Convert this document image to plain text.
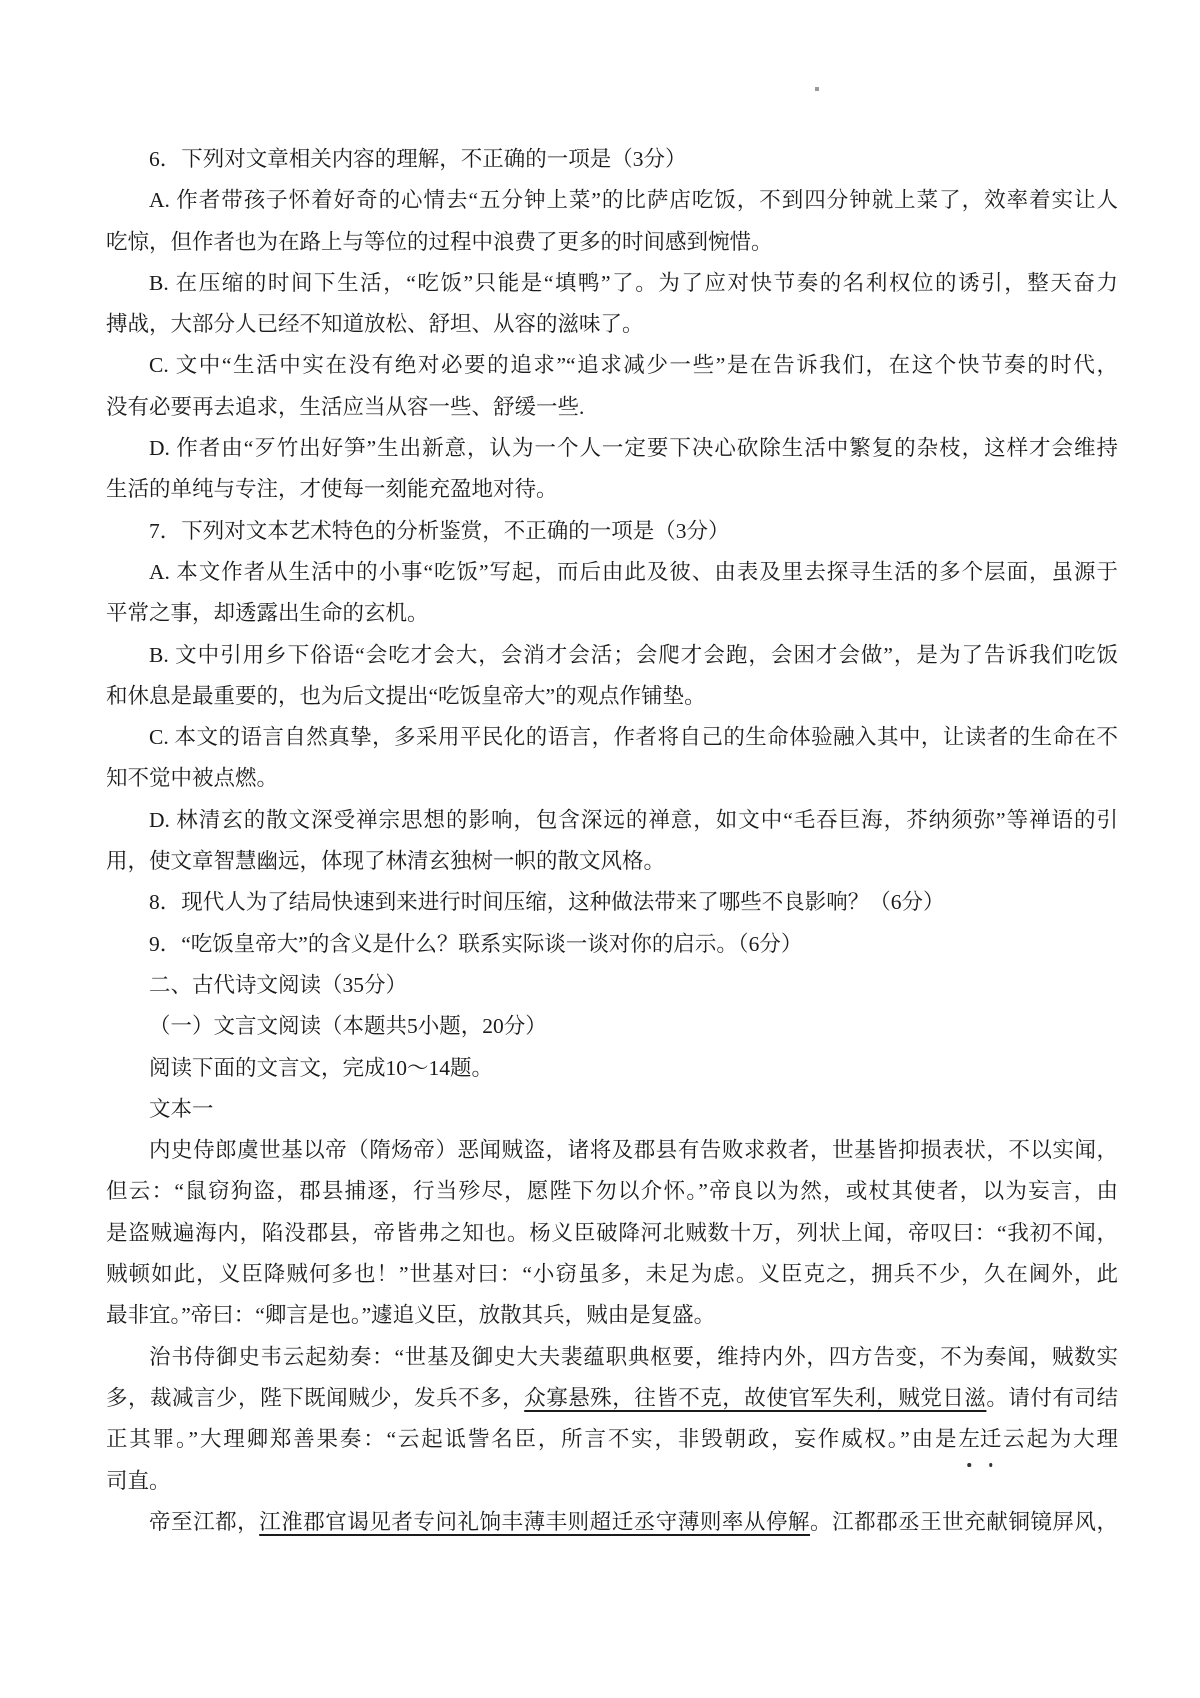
6．下列对文章相关内容的理解，不正确的一项是（3分）
A. 作者带孩子怀着好奇的心情去“五分钟上菜”的比萨店吃饭，不到四分钟就上菜了，效率着实让人
吃惊，但作者也为在路上与等位的过程中浪费了更多的时间感到惋惜。
B. 在压缩的时间下生活，“吃饭”只能是“填鸭”了。为了应对快节奏的名利权位的诱引，整天奋力
搏战，大部分人已经不知道放松、舒坦、从容的滋味了。
C. 文中“生活中实在没有绝对必要的追求”“追求减少一些”是在告诉我们，在这个快节奏的时代，
没有必要再去追求，生活应当从容一些、舒缓一些.
D. 作者由“歹竹出好笋”生出新意，认为一个人一定要下决心砍除生活中繁复的杂枝，这样才会维持
生活的单纯与专注，才使每一刻能充盈地对待。
7．下列对文本艺术特色的分析鉴赏，不正确的一项是（3分）
A. 本文作者从生活中的小事“吃饭”写起，而后由此及彼、由表及里去探寻生活的多个层面，虽源于
平常之事，却透露出生命的玄机。
B. 文中引用乡下俗语“会吃才会大，会消才会活；会爬才会跑，会困才会做”，是为了告诉我们吃饭
和休息是最重要的，也为后文提出“吃饭皇帝大”的观点作铺垫。
C. 本文的语言自然真挚，多采用平民化的语言，作者将自己的生命体验融入其中，让读者的生命在不
知不觉中被点燃。
D. 林清玄的散文深受禅宗思想的影响，包含深远的禅意，如文中“毛吞巨海，芥纳须弥”等禅语的引
用，使文章智慧幽远，体现了林清玄独树一帜的散文风格。
8．现代人为了结局快速到来进行时间压缩，这种做法带来了哪些不良影响？（6分）
9．“吃饭皇帝大”的含义是什么？联系实际谈一谈对你的启示。（6分）
二、古代诗文阅读（35分）
（一）文言文阅读（本题共5小题，20分）
阅读下面的文言文，完成10～14题。
文本一
内史侍郎虞世基以帝（隋炀帝）恶闻贼盗，诸将及郡县有告败求救者，世基皆抑损表状，不以实闻，
但云：“鼠窃狗盗，郡县捕逐，行当殄尽，愿陛下勿以介怀。”帝良以为然，或杖其使者，以为妄言，由
是盗贼遍海内，陷没郡县，帝皆弗之知也。杨义臣破降河北贼数十万，列状上闻，帝叹曰：“我初不闻，
贼顿如此，义臣降贼何多也！”世基对曰：“小窃虽多，未足为虑。义臣克之，拥兵不少，久在阃外，此
最非宜。”帝曰：“卿言是也。”遽追义臣，放散其兵，贼由是复盛。
治书侍御史韦云起劾奏：“世基及御史大夫裴蕴职典枢要，维持内外，四方告变，不为奏闻，贼数实
多，裁减言少，陛下既闻贼少，发兵不多，众寡悬殊，往皆不克，故使官军失利，贼党日滋。请付有司结
正其罪。”大理卿郑善果奏：“云起诋訾名臣，所言不实，非毁朝政，妄作威权。”由是左迁云起为大理
司直。
帝至江都，江淮郡官谒见者专问礼饷丰薄丰则超迁丞守薄则率从停解。江都郡丞王世充献铜镜屏风，
